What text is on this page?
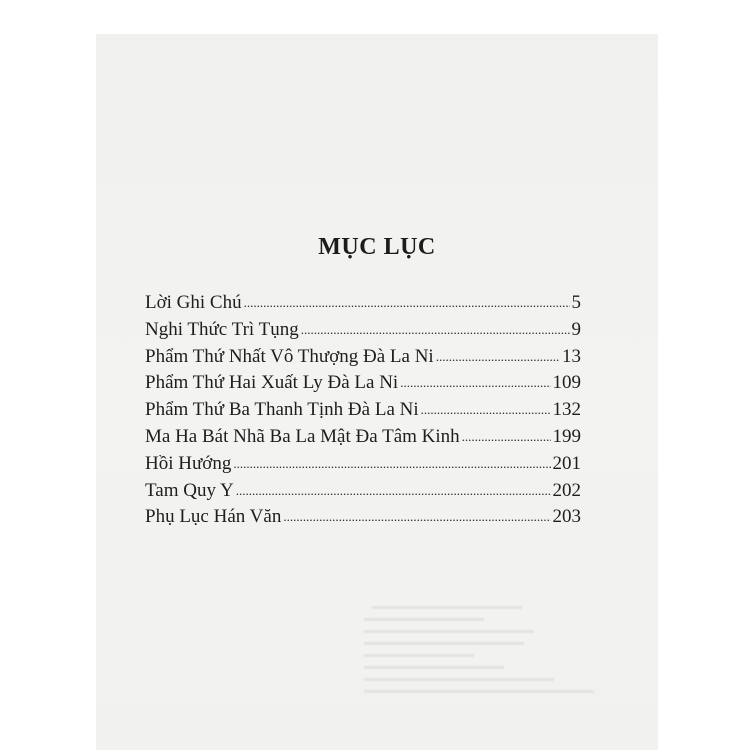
MỤC LỤC
Lời Ghi Chú .....	5
Nghi Thức Trì Tụng .....	9
Phẩm Thứ Nhất Vô Thượng Đà La Ni .....	13
Phẩm Thứ Hai Xuất Ly Đà La Ni .....	109
Phẩm Thứ Ba Thanh Tịnh Đà La Ni .....	132
Ma Ha Bát Nhã Ba La Mật Đa Tâm Kinh .....	199
Hồi Hướng .....	201
Tam Quy Y .....	202
Phụ Lục Hán Văn .....	203
